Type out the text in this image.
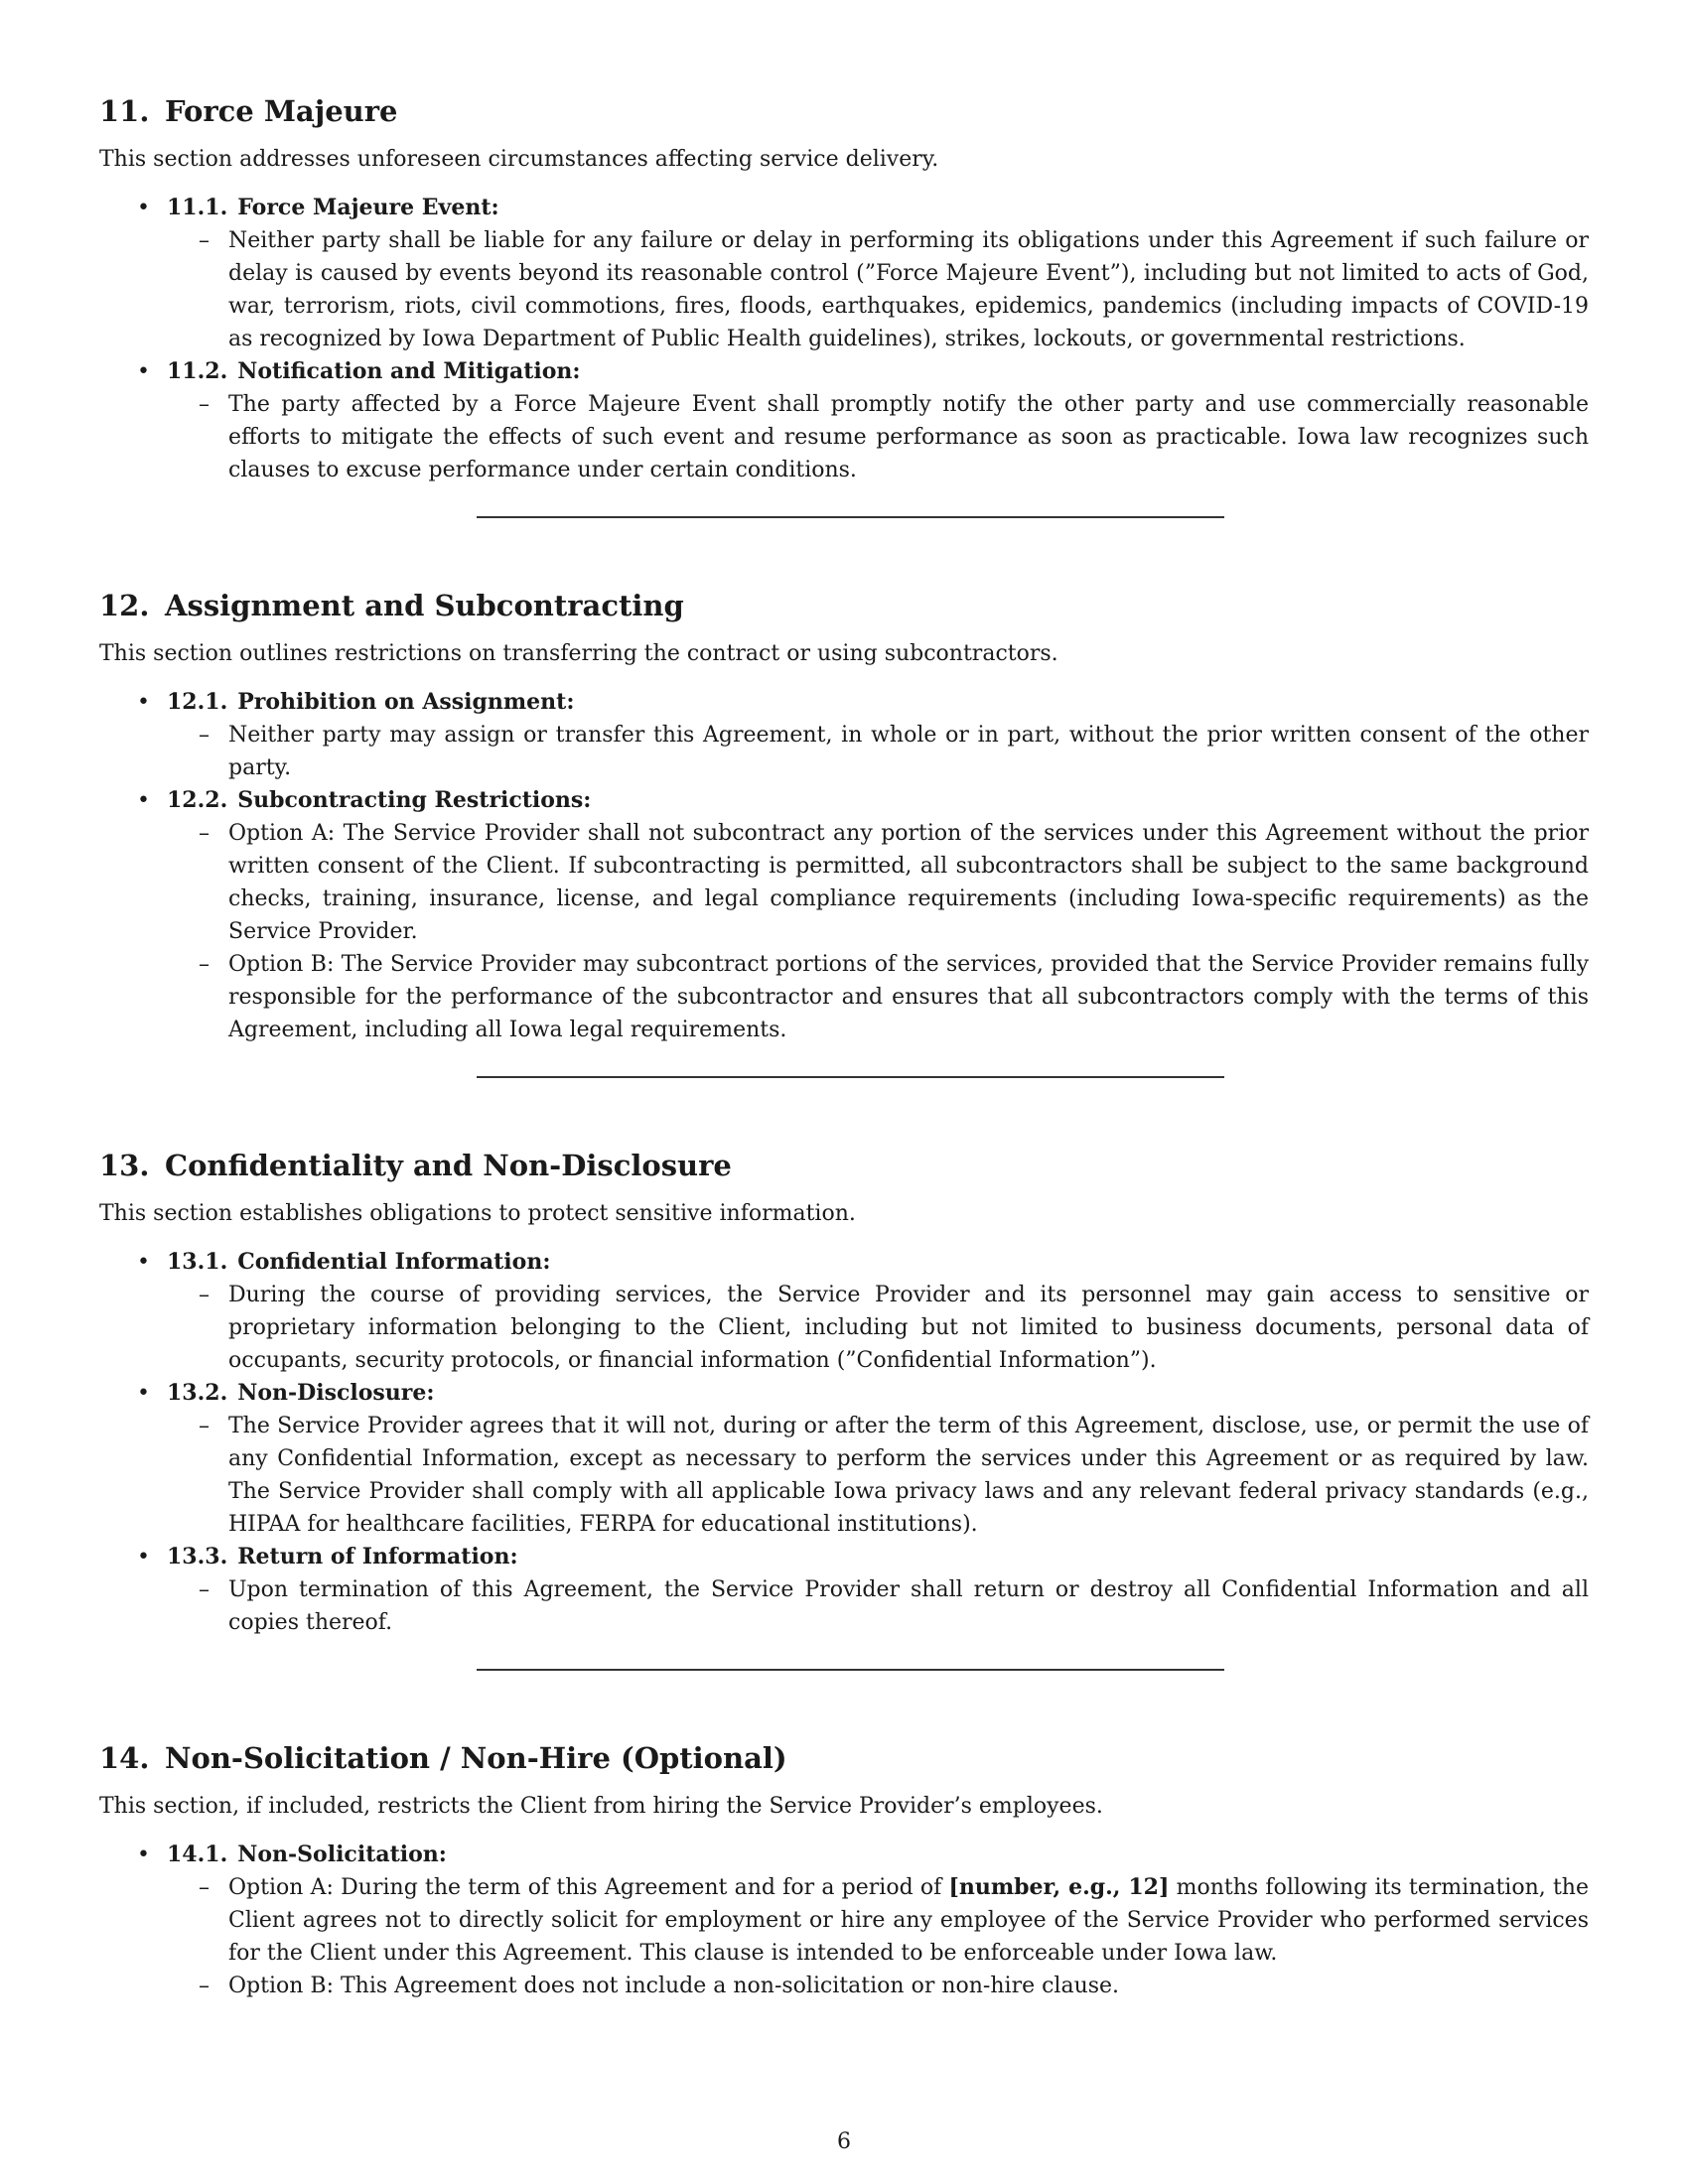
11. Force Majeure

This section addresses unforeseen circumstances affecting service delivery.

• 11.1. Force Majeure Event:
– Neither party shall be liable for any failure or delay in performing its obligations under this Agreement if such failure or delay is caused by events beyond its reasonable control (”Force Majeure Event”), including but not limited to acts of God, war, terrorism, riots, civil commotions, fires, floods, earthquakes, epidemics, pandemics (including impacts of COVID-19 as recognized by Iowa Department of Public Health guidelines), strikes, lockouts, or governmental restrictions.
• 11.2. Notification and Mitigation:
– The party affected by a Force Majeure Event shall promptly notify the other party and use commercially reasonable efforts to mitigate the effects of such event and resume performance as soon as practicable. Iowa law recognizes such clauses to excuse performance under certain conditions.
12. Assignment and Subcontracting

This section outlines restrictions on transferring the contract or using subcontractors.

• 12.1. Prohibition on Assignment:
– Neither party may assign or transfer this Agreement, in whole or in part, without the prior written consent of the other party.
• 12.2. Subcontracting Restrictions:
– Option A: The Service Provider shall not subcontract any portion of the services under this Agreement without the prior written consent of the Client. If subcontracting is permitted, all subcontractors shall be subject to the same background checks, training, insurance, license, and legal compliance requirements (including Iowa-specific requirements) as the Service Provider.
– Option B: The Service Provider may subcontract portions of the services, provided that the Service Provider remains fully responsible for the performance of the subcontractor and ensures that all subcontractors comply with the terms of this Agreement, including all Iowa legal requirements.
13. Confidentiality and Non-Disclosure

This section establishes obligations to protect sensitive information.

• 13.1. Confidential Information:
– During the course of providing services, the Service Provider and its personnel may gain access to sensitive or proprietary information belonging to the Client, including but not limited to business documents, personal data of occupants, security protocols, or financial information (”Confidential Information”).
• 13.2. Non-Disclosure:
– The Service Provider agrees that it will not, during or after the term of this Agreement, disclose, use, or permit the use of any Confidential Information, except as necessary to perform the services under this Agreement or as required by law. The Service Provider shall comply with all applicable Iowa privacy laws and any relevant federal privacy standards (e.g., HIPAA for healthcare facilities, FERPA for educational institutions).
• 13.3. Return of Information:
– Upon termination of this Agreement, the Service Provider shall return or destroy all Confidential Information and all copies thereof.
14. Non-Solicitation / Non-Hire (Optional)

This section, if included, restricts the Client from hiring the Service Provider’s employees.

• 14.1. Non-Solicitation:
– Option A: During the term of this Agreement and for a period of [number, e.g., 12] months following its termination, the Client agrees not to directly solicit for employment or hire any employee of the Service Provider who performed services for the Client under this Agreement. This clause is intended to be enforceable under Iowa law.
– Option B: This Agreement does not include a non-solicitation or non-hire clause.
6
